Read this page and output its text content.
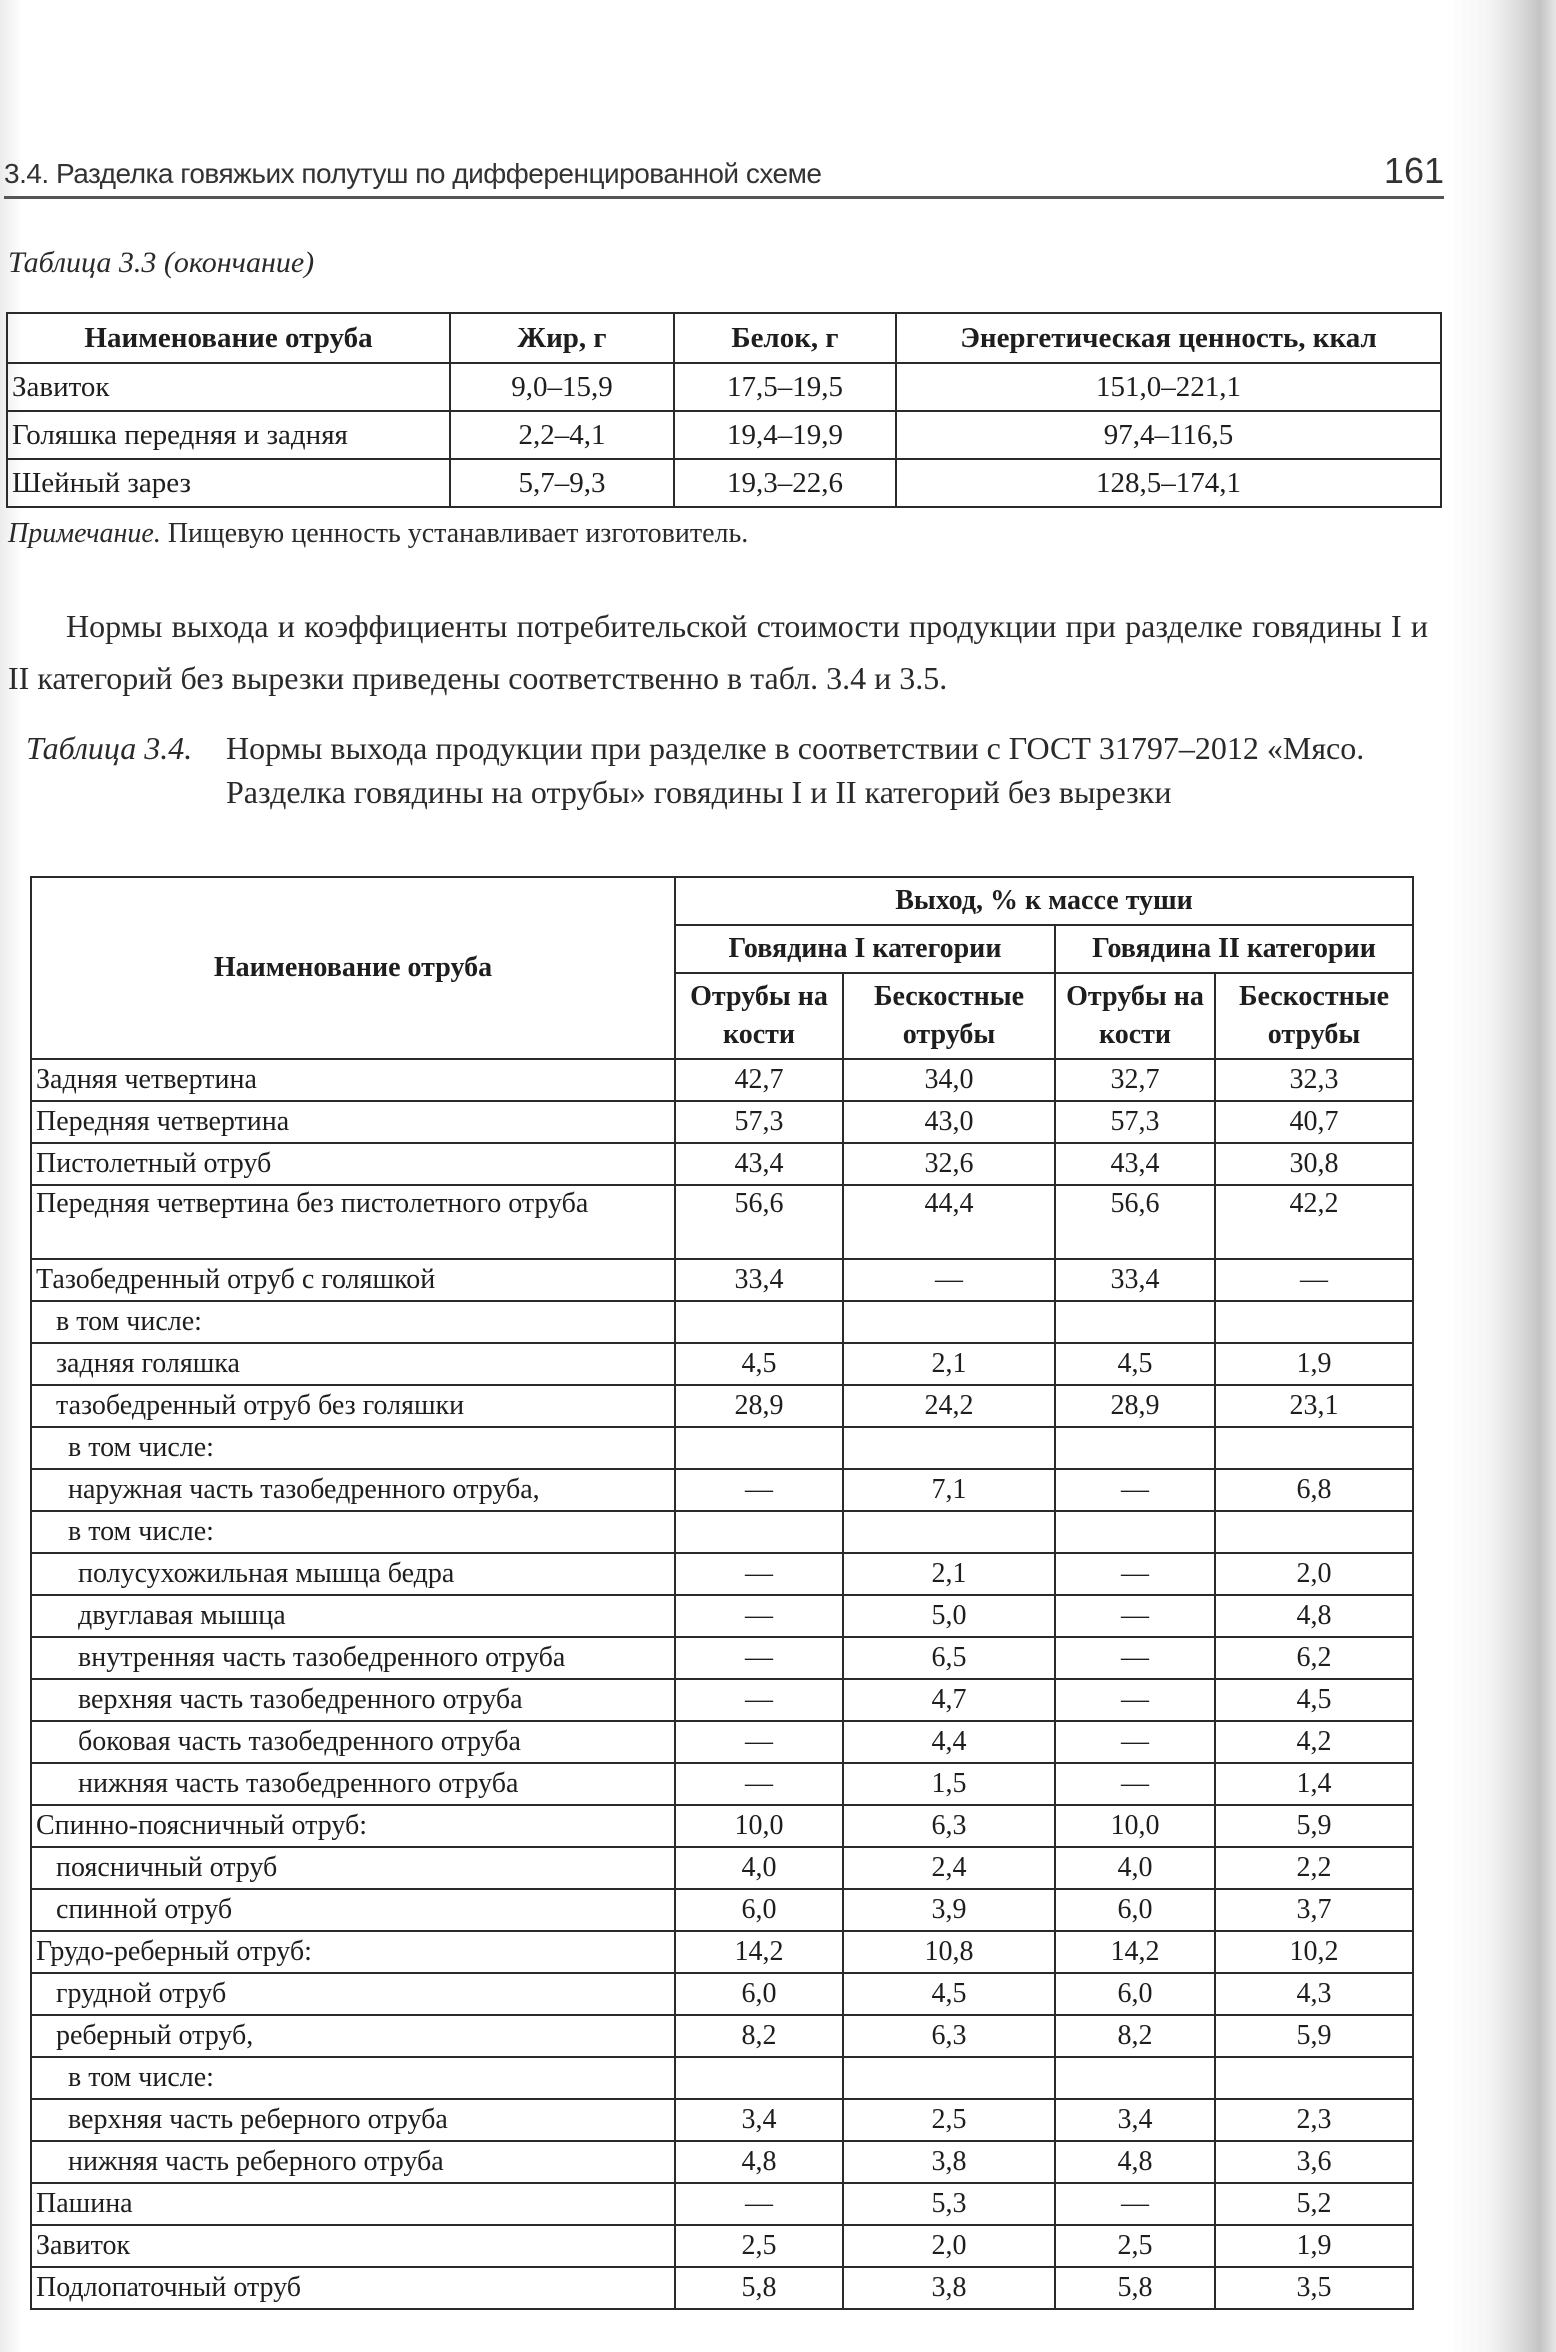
3.4. Разделка говяжьих полутуш по дифференцированной схеме	161
Таблица 3.3 (окончание)
Наименование отруба	Жир, г	Белок, г	Энергетическая ценность, ккал
Завиток	9,0–15,9	17,5–19,5	151,0–221,1
Голяшка передняя и задняя	2,2–4,1	19,4–19,9	97,4–116,5
Шейный зарез	5,7–9,3	19,3–22,6	128,5–174,1
Примечание. Пищевую ценность устанавливает изготовитель.
Нормы выхода и коэффициенты потребительской стоимости продукции при разделке говядины I и II категорий без вырезки приведены соответственно в табл. 3.4 и 3.5.
Таблица 3.4.	Нормы выхода продукции при разделке в соответствии с ГОСТ 31797–2012 «Мясо. Разделка говядины на отрубы» говядины I и II категорий без вырезки
Наименование отруба	Выход, % к массе туши			
	Говядина I категории		Говядина II категории	
	Отрубы на кости	Бескостные отрубы	Отрубы на кости	Бескостные отрубы
Задняя четвертина	42,7	34,0	32,7	32,3
Передняя четвертина	57,3	43,0	57,3	40,7
Пистолетный отруб	43,4	32,6	43,4	30,8
Передняя четвертина без пистолетного отруба	56,6	44,4	56,6	42,2
Тазобедренный отруб с голяшкой	33,4	—	33,4	—
в том числе:				
задняя голяшка	4,5	2,1	4,5	1,9
тазобедренный отруб без голяшки	28,9	24,2	28,9	23,1
в том числе:				
наружная часть тазобедренного отруба,	—	7,1	—	6,8
в том числе:				
полусухожильная мышца бедра	—	2,1	—	2,0
двуглавая мышца	—	5,0	—	4,8
внутренняя часть тазобедренного отруба	—	6,5	—	6,2
верхняя часть тазобедренного отруба	—	4,7	—	4,5
боковая часть тазобедренного отруба	—	4,4	—	4,2
нижняя часть тазобедренного отруба	—	1,5	—	1,4
Спинно-поясничный отруб:	10,0	6,3	10,0	5,9
поясничный отруб	4,0	2,4	4,0	2,2
спинной отруб	6,0	3,9	6,0	3,7
Грудо-реберный отруб:	14,2	10,8	14,2	10,2
грудной отруб	6,0	4,5	6,0	4,3
реберный отруб,	8,2	6,3	8,2	5,9
в том числе:				
верхняя часть реберного отруба	3,4	2,5	3,4	2,3
нижняя часть реберного отруба	4,8	3,8	4,8	3,6
Пашина	—	5,3	—	5,2
Завиток	2,5	2,0	2,5	1,9
Подлопаточный отруб	5,8	3,8	5,8	3,5
